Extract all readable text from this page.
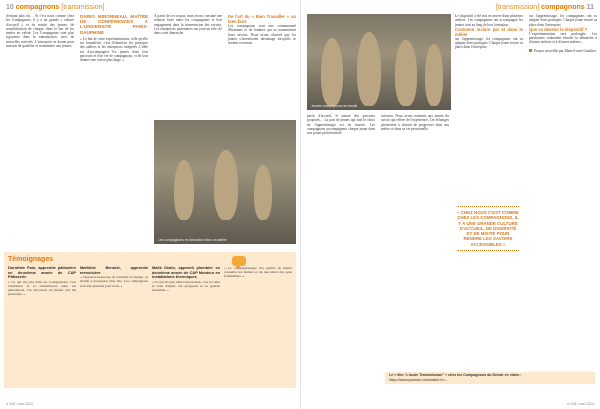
10 compagnons [transmission]
d'enfant plus tôt… Si c'est nous comme chez les Compagnons, il y a un grande « culture d'accueil » et de mixité des jeunes, de sensibilisation de chaque, dans le but de les mettre en valeur. Les Compagnons sont plus rigoureux dans la transmission, avec de nouvelles activités. L'entreprise se donne pour mission de qualifier et transmettre aux jeunes.
DARIO MIRONNEAU, MAÎTRE DE CONFÉRENCES À L'UNIVERSITÉ PARIS-DAUPHINE
« Le but de cette expérimentation, telle qu'elle est formalisée, c'est d'identifier les principes des ateliers et les entreprises intégrées. L'idée est d'accompagner les jeunes dans leur parcours et leur vie de compagnons, et de leur donner une vision plus large. »
À partir de ces acquis, nous avons constaté une relation forte entre les compagnons et leur engagement dans la transmission des savoirs. Les entreprises partenaires ont joué un rôle clé dans cette démarche.
Les compagnons en formation dans un atelier
De l'art du « Bien Travailler » au bien faire
Les compagnons sont une communauté d'hommes et de femmes qui se transmettent leurs savoirs. Nous avons observé que les jeunes s'investissent davantage lorsqu'ils se sentent reconnus.
Témoignages
Dorothée Pain, apprentie pâtissière en deuxième année de CAP Pâtisserie
« Ce qui m'a plu dans les Compagnons, c'est l'ambiance et la transmission entre les générations. J'ai découvert un métier qui me passionne. »
Mathilde Benoist, apprentie menuisière
« J'apprécie beaucoup de travailler en équipe, ça m'aide à progresser plus vite. Les compagnons sont très présents pour nous. »
Malik Diallo, apprenti plombier en deuxième année de CAP Monteur en installations thermiques
« Ce qui m'a plu dans l'association, c'est le cadre et l'état d'esprit. On progresse et on grandit ensemble. »
« Le compagnonnage m'a permis de mieux connaître les métiers et de rencontrer des gens formidables. »
# 245 / mai 2024
[transmission] compagnons 11
Jeunes compagnons au travail
partir d'accueil, le nature des parcours proposés… La part de jeunes qui font le choix de l'apprentissage est en hausse. Les compagnons accompagnent chaque jeune dans son projet professionnel.
ruisseau. Nous avons transmis aux jeunes du savoir qui relève de l'expérience. Les échanges permettent à chacun de progresser dans son métier et dans sa vie personnelle.
Le dispositif a été mis en œuvre dans plusieurs ateliers. Les compagnons ont accompagné les jeunes tout au long de leur formation.
Comment inclure par et dans le métier
sur l'apprentissage, les compagnons ont su adapter leurs pratiques. Chaque jeune trouve sa place dans l'entreprise.
« CHEZ NOUS C'EST COMME CHEZ LES COMPAGNONS, IL Y A UNE GRANDE CULTURE D'ACCUEIL, DE DIVERSITÉ ET DE MIXITÉ POUR RENDRE LES SAVOIRS ACCESSIBLES »
sur l'apprentissage, les compagnons ont su adapter leurs pratiques. Chaque jeune trouve sa place dans l'entreprise.
Que va devenir le dispositif ?
L'expérimentation sera prolongée. Les partenaires souhaitent étendre la démarche à d'autres ateliers et à d'autres métiers.
Propos recueillis par Marie-Laure Gauthier
Le « film “L'autre Transmission” » chez les Compagnons du Devoir en vidéo :
https://www.youtube.com/watch?v=...
# 245 / mai 2024
